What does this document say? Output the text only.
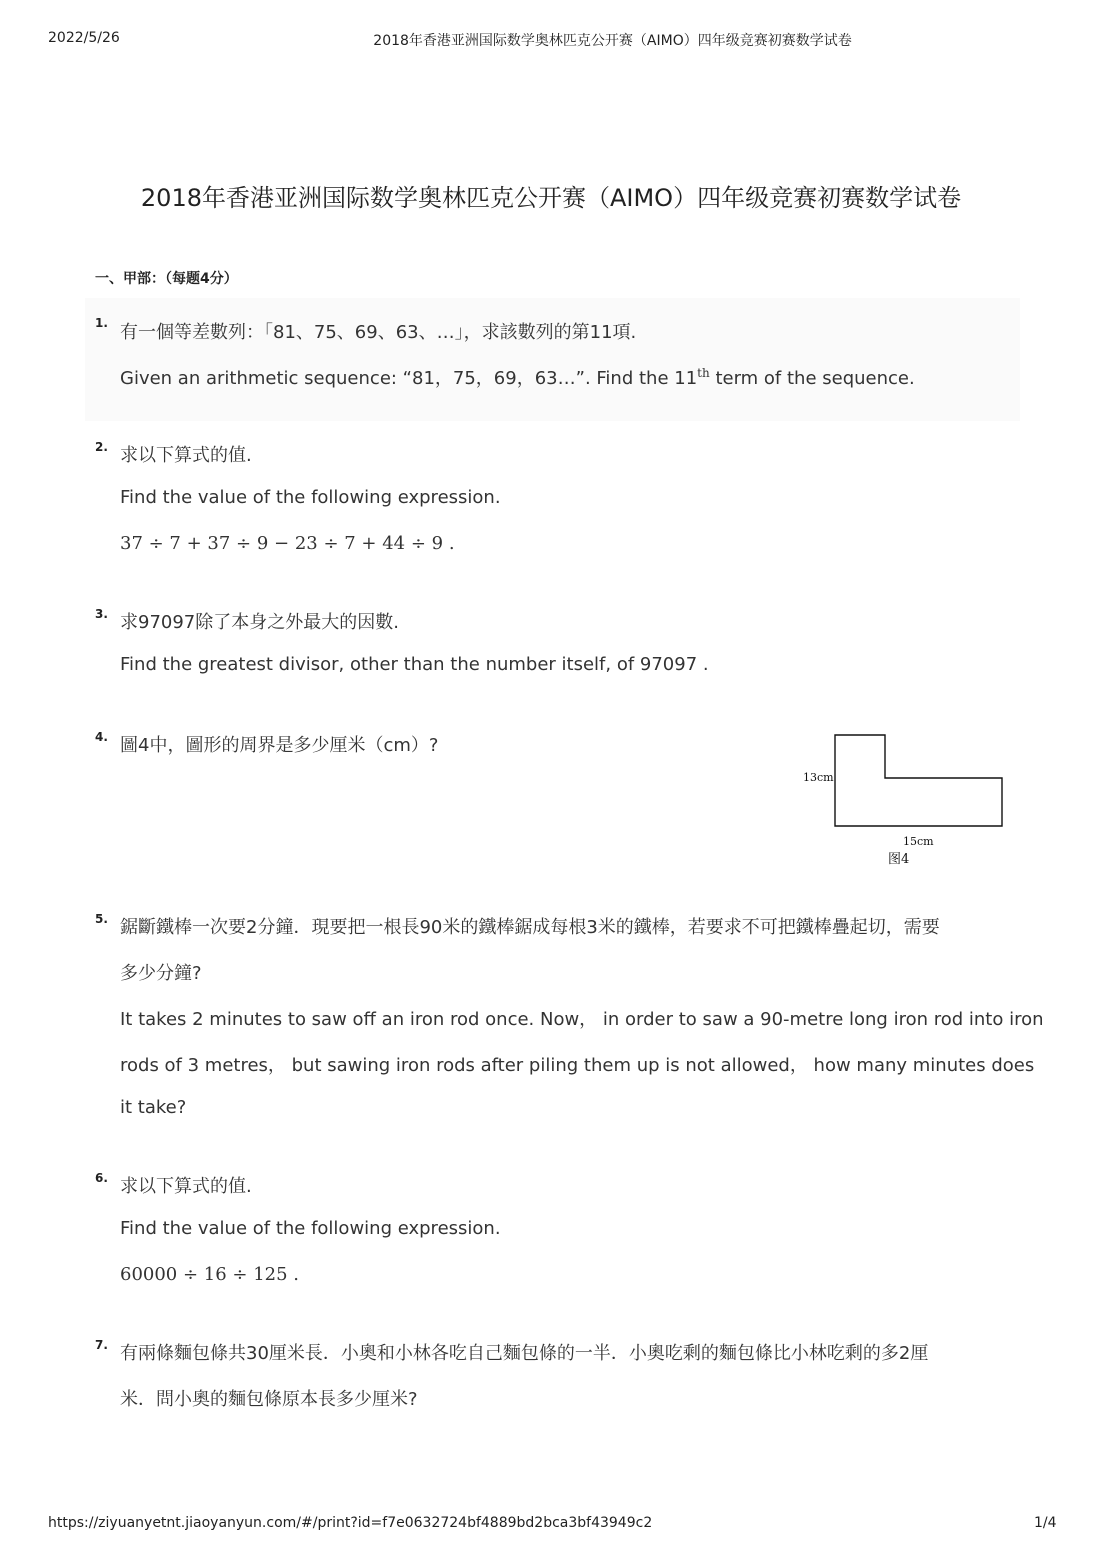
2022/5/26	2018年香港亚洲国际数学奥林匹克公开赛（AIMO）四年级竞赛初赛数学试卷
2018年香港亚洲国际数学奥林匹克公开赛（AIMO）四年级竞赛初赛数学试卷
一、甲部：（每题4分）
1. 有一個等差數列：「81、75、69、63、…」，求該數列的第11項.
Given an arithmetic sequence: “81，75，69，63…”. Find the 11th term of the sequence.
2. 求以下算式的值.
Find the value of the following expression.
37 ÷ 7 + 37 ÷ 9 − 23 ÷ 7 + 44 ÷ 9 .
3. 求97097除了本身之外最大的因數.
Find the greatest divisor, other than the number itself, of 97097 .
4. 圖4中，圖形的周界是多少厘米（cm）?
13cm
15cm
图4
5. 鋸斷鐵棒一次要2分鐘．現要把一根長90米的鐵棒鋸成每根3米的鐵棒，若要求不可把鐵棒疊起切，需要
多少分鐘?
It takes 2 minutes to saw off an iron rod once. Now， in order to saw a 90-metre long iron rod into iron
rods of 3 metres， but sawing iron rods after piling them up is not allowed， how many minutes does
it take?
6. 求以下算式的值.
Find the value of the following expression.
60000 ÷ 16 ÷ 125 .
7. 有兩條麵包條共30厘米長．小奧和小林各吃自己麵包條的一半．小奧吃剩的麵包條比小林吃剩的多2厘
米．問小奧的麵包條原本長多少厘米?
https://ziyuanyetnt.jiaoyanyun.com/#/print?id=f7e0632724bf4889bd2bca3bf43949c2	1/4
